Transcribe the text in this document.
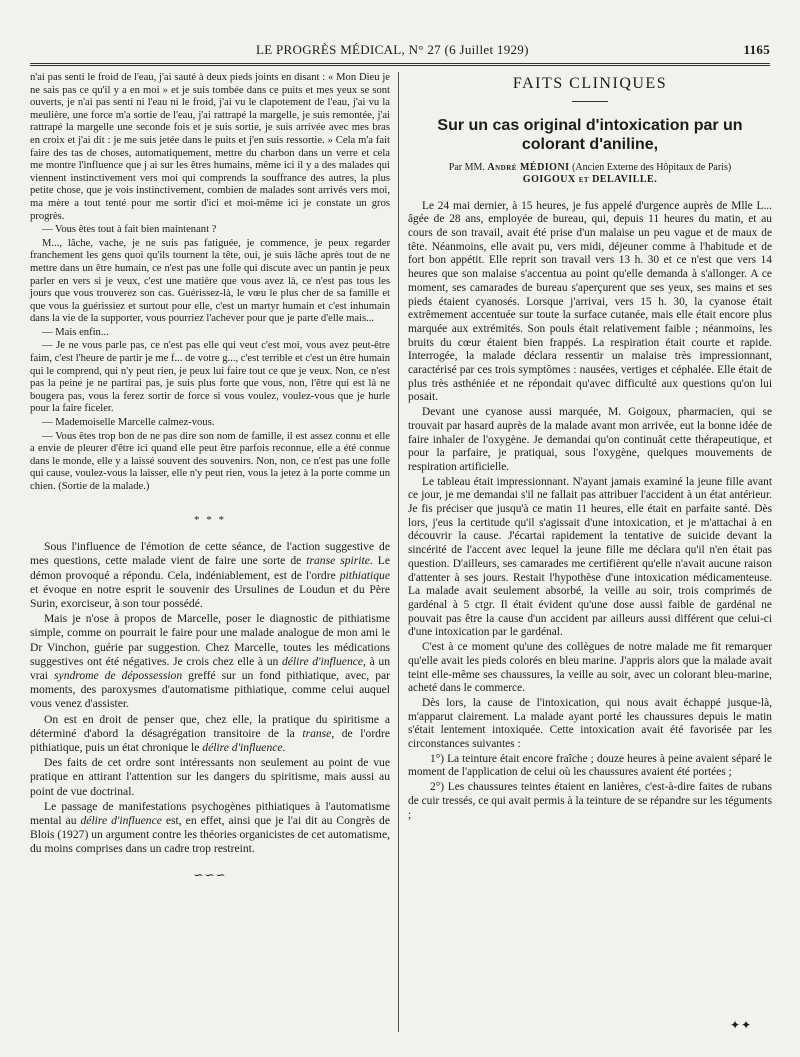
LE PROGRÈS MÉDICAL, N° 27 (6 Juillet 1929)	1165

n'ai pas senti le froid de l'eau, j'ai sauté à deux pieds joints en disant : « Mon Dieu je ne sais pas ce qu'il y a en moi » et je suis tombée dans ce puits et mes yeux se sont ouverts, je n'ai pas senti ni l'eau ni le froid, j'ai vu le clapotement de l'eau, j'ai vu la meulière, une force m'a sortie de l'eau, j'ai rattrapé la margelle, je suis remontée, j'ai rattrapé la margelle une seconde fois et je suis sortie, je suis arrivée avec mes bras en croix et j'ai dit : je me suis jetée dans le puits et j'en suis ressortie. » Cela m'a fait faire des tas de choses, automatiquement, mettre du charbon dans un verre et cela me montre l'influence que j ai sur les êtres humains, même ici il y a des malades qui viennent instinctivement vers moi qui comprends la souffrance des autres, la plus petite chose, que je vois instinctivement, combien de malades sont arrivés vers moi, ma mère a tout tenté pour me sortir d'ici et moi-même ici je constate un gros progrès.

— Vous êtes tout à fait bien maintenant ?

M..., lâche, vache, je ne suis pas fatiguée, je commence, je peux regarder franchement les gens quoi qu'ils tournent la tête, oui, je suis lâche après tout de ne mettre dans un être humain, ce n'est pas une folle qui discute avec un pantin je peux parler en vers si je veux, c'est une matière que vous avez là, ce n'est pas tous les jours que vous trouverez son cas. Guérissez-là, le vœu le plus cher de sa famille et que vous la guérissiez et surtout pour elle, c'est un martyr humain et c'est inhumain dans la vie de la supporter, vous pourriez l'achever pour que je parte d'elle mais...

— Mais enfin...

— Je ne vous parle pas, ce n'est pas elle qui veut c'est moi, vous avez peut-être faim, c'est l'heure de partir je me f... de votre g..., c'est terrible et c'est un être humain qui le comprend, qui n'y peut rien, je peux lui faire tout ce que je veux. Non, ce n'est pas la peine je ne partirai pas, je suis plus forte que vous, non, l'être qui est là ne bougera pas, vous la ferez sortir de force si vous voulez, voulez-vous que je hurle pour la faire ficeler.

— Mademoiselle Marcelle calmez-vous.

— Vous êtes trop bon de ne pas dire son nom de famille, il est assez connu et elle a envie de pleurer d'être ici quand elle peut être parfois reconnue, elle a été connue dans le monde, elle y a laissé souvent des souvenirs. Non, non, ce n'est pas une folle qui cause, voulez-vous la laisser, elle n'y peut rien, vous la jetez à la porte comme un chien. (Sortie de la malade.)

* * *

Sous l'influence de l'émotion de cette séance, de l'action suggestive de mes questions, cette malade vient de faire une sorte de transe spirite. Le démon provoqué a répondu. Cela, indéniablement, est de l'ordre pithiatique et évoque en notre esprit le souvenir des Ursulines de Loudun et du Père Surin, exorciseur, à son tour possédé.

Mais je n'ose à propos de Marcelle, poser le diagnostic de pithiatisme simple, comme on pourrait le faire pour une malade analogue de mon ami le Dr Vinchon, guérie par suggestion. Chez Marcelle, toutes les médications suggestives ont été négatives. Je crois chez elle à un délire d'influence, à un vrai syndrome de dépossession greffé sur un fond pithiatique, avec, par moments, des paroxysmes d'automatisme pithiatique, comme celui auquel vous venez d'assister.

On est en droit de penser que, chez elle, la pratique du spiritisme a déterminé d'abord la désagrégation transitoire de la transe, de l'ordre pithiatique, puis un état chronique le délire d'influence.

Des faits de cet ordre sont intéressants non seulement au point de vue pratique en attirant l'attention sur les dangers du spiritisme, mais aussi au point de vue doctrinal.

Le passage de manifestations psychogènes pithiatiques à l'automatisme mental au délire d'influence est, en effet, ainsi que je l'ai dit au Congrès de Blois (1927) un argument contre les théories organicistes de cet automatisme, du moins comprises dans un cadre trop restreint.

∽∽∽
FAITS CLINIQUES
Sur un cas original d'intoxication par un colorant d'aniline,
Par MM. André MÉDIONI (Ancien Externe des Hôpitaux de Paris)
GOIGOUX et DELAVILLE.

Le 24 mai dernier, à 15 heures, je fus appelé d'urgence auprès de Mlle L... âgée de 28 ans, employée de bureau, qui, depuis 11 heures du matin, et au cours de son travail, avait été prise d'un malaise un peu vague et de maux de tête. Néanmoins, elle avait pu, vers midi, déjeuner comme à l'habitude et de fort bon appétit. Elle reprit son travail vers 13 h. 30 et ce n'est que vers 14 heures que son malaise s'accentua au point qu'elle demanda à s'allonger. A ce moment, ses camarades de bureau s'aperçurent que ses yeux, ses mains et ses pieds étaient cyanosés. Lorsque j'arrivai, vers 15 h. 30, la cyanose était extrêmement accentuée sur toute la surface cutanée, mais elle était encore plus marquée aux extrémités. Son pouls était relativement faible ; néanmoins, les bruits du cœur étaient bien frappés. La respiration était courte et rapide. Interrogée, la malade déclara ressentir un malaise très impressionnant, caractérisé par ces trois symptômes : nausées, vertiges et céphalée. Elle était de plus très asthéniée et ne répondait qu'avec difficulté aux questions qu'on lui posait.

Devant une cyanose aussi marquée, M. Goigoux, pharmacien, qui se trouvait par hasard auprès de la malade avant mon arrivée, eut la bonne idée de faire inhaler de l'oxygène. Je demandai qu'on continuât cette thérapeutique, et pour la parfaire, je pratiquai, sous l'oxygène, quelques mouvements de respiration artificielle.

Le tableau était impressionnant. N'ayant jamais examiné la jeune fille avant ce jour, je me demandai s'il ne fallait pas attribuer l'accident à un état antérieur. Je fis préciser que jusqu'à ce matin 11 heures, elle était en parfaite santé. Dès lors, j'eus la certitude qu'il s'agissait d'une intoxication, et je m'attachai à en découvrir la cause. J'écartai rapidement la tentative de suicide devant la sincérité de l'accent avec lequel la jeune fille me déclara qu'il n'en était pas question. D'ailleurs, ses camarades me certifièrent qu'elle n'avait aucune raison d'attenter à ses jours. Restait l'hypothèse d'une intoxication médicamenteuse. La malade avait seulement absorbé, la veille au soir, trois comprimés de gardénal à 5 ctgr. Il était évident qu'une dose aussi faible de gardénal ne pouvait pas être la cause d'un accident par ailleurs aussi différent que celui-ci d'une intoxication par le gardénal.

C'est à ce moment qu'une des collègues de notre malade me fit remarquer qu'elle avait les pieds colorés en bleu marine. J'appris alors que la malade avait teint elle-même ses chaussures, la veille au soir, avec un colorant bleu-marine, acheté dans le commerce.

Dès lors, la cause de l'intoxication, qui nous avait échappé jusque-là, m'apparut clairement. La malade ayant porté les chaussures depuis le matin s'était lentement intoxiquée. Cette intoxication avait été favorisée par les circonstances suivantes :

1°) La teinture était encore fraîche ; douze heures à peine avaient séparé le moment de l'application de celui où les chaussures avaient été portées ;

2°) Les chaussures teintes étaient en lanières, c'est-à-dire faites de rubans de cuir tressés, ce qui avait permis à la teinture de se répandre sur les téguments ;

✦✦
